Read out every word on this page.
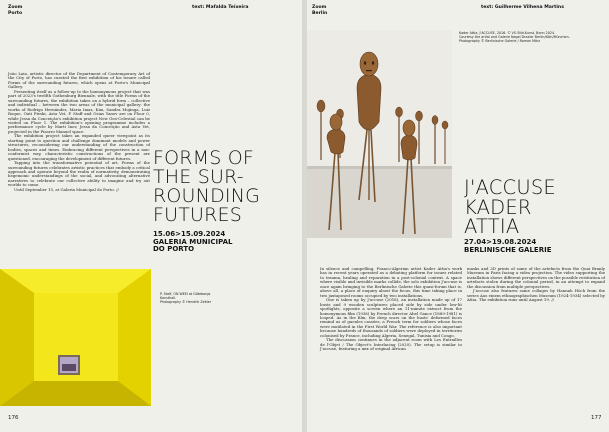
Zoom
Porto
text: Mafalda Teixeira

João Laia, artistic director of the Department of Contemporary Art of the City of Porto, has curated the first exhibition of his tenure called Forms of the surrounding futures, which opens at Porto's Municipal Gallery.

Presenting itself as a follow-up to the homonymous project that was part of 2023's twelfth Gothenburg Biennale, with the title Forms of the surrounding futures, the exhibition takes on a hybrid form – collective and individual – between the two areas of the municipal gallery: the works of Rodrigo Hernández, Maria Imaz, Kim, Sandra Mujinga, Luiz Roque, Outi Pieski, Asta Vet, P. Staff and Osias Yanov are on Floor 0, while Jessa da Conceição's exhibition project New Geo-Celestial can be visited on Floor 1. The exhibition's opening programme includes a performance cycle by Marti Inov, Jessa da Conceição and Asta Vet, projected in the Pisarro Manuel space.

The exhibition project takes an expanded queer viewpoint as its starting point to question and challenge dominant models and power structures, reconsidering our understanding of the construction of bodies, spaces and times. Embracing different perspectives in a non-conformist way, characteristic constructions of the present are questioned, encouraging the development of different futures.

Tapping into the transformative potential of art, Forms of the surrounding futures celebrates artistic practices that embody a critical approach and operate beyond the realm of normativity, demonstrating hegemonic understandings of the social, and advocating alternative narratives to celebrate our collective ability to imagine and try out worlds to come.

Until September 15, at Galeria Municipal do Porto. //

FORMS OF
THE SUR-
ROUNDING
FUTURES
15.06>15.09.2024
GALERIA MUNICIPAL
DO PORTO
P. Staff, ON WEEI at Göteborgs
Konsthall.
Photography © Hendrik Zeitler
176
Zoom
Berlin
text: Guilherme Vilhena Martins
Kader Attia, J'ACCUSE, 2016. © VG Bild-Kunst, Bonn 2024.
Courtesy the artist and Galerie Nagel Draxler Berlin/Köln/München.
Photography © Berlinische Galerie / Roman März
J'ACCUSE
KADER
ATTIA
27.04>19.08.2024
BERLINISCHE GALERIE

In silence and compelling, Franco-Algerian artist Kader Attia's work has in recent years operated as a debating platform for issues related to trauma, healing and reparation in a post-colonial context. A space where visible and invisible marks collide, the solo exhibition J'accuse is once again bringing to the Berlinische Galerie this quasi-forum that is, above all, a place of enquiry about the focus, this time taking place in two juxtaposed rooms occupied by two installations.

One is taken up by J'accuse (2016), an installation made up of 17 busts and 9 wooden sculptures placed side by side under low-lit spotlights, opposite a screen where an 11-minute extract from the homonymous film (1938) by French director Abel Gance (1889-1981) is looped. As in the film, the deep scars on the busts' deformed faces remind us of gueules cassées, a French term for soldiers whose faces were mutilated in the First World War. The reference is also important because hundreds of thousands of soldiers were deployed in territories colonised by France, including Algeria, Senegal, Tunisia and Congo.

The discussion continues in the adjacent room with Les Entrailles de l'Objet / The Object's Interlacing (2020). The setup is similar to J'accuse, featuring a mix of original African

masks and 3D prints of some of the artefacts from the Quai Branly Museum in Paris facing a video projection. The video supporting the installation shows different perspectives on the possible restitution of artefacts stolen during the colonial period, in an attempt to expand the discussion from multiple perspectives.

J'accuse also features some collages by Hannah Höch from the series Aus einem ethnographischen Museum (1924-1934) selected by Attia. The exhibition runs until August 19. //

177
